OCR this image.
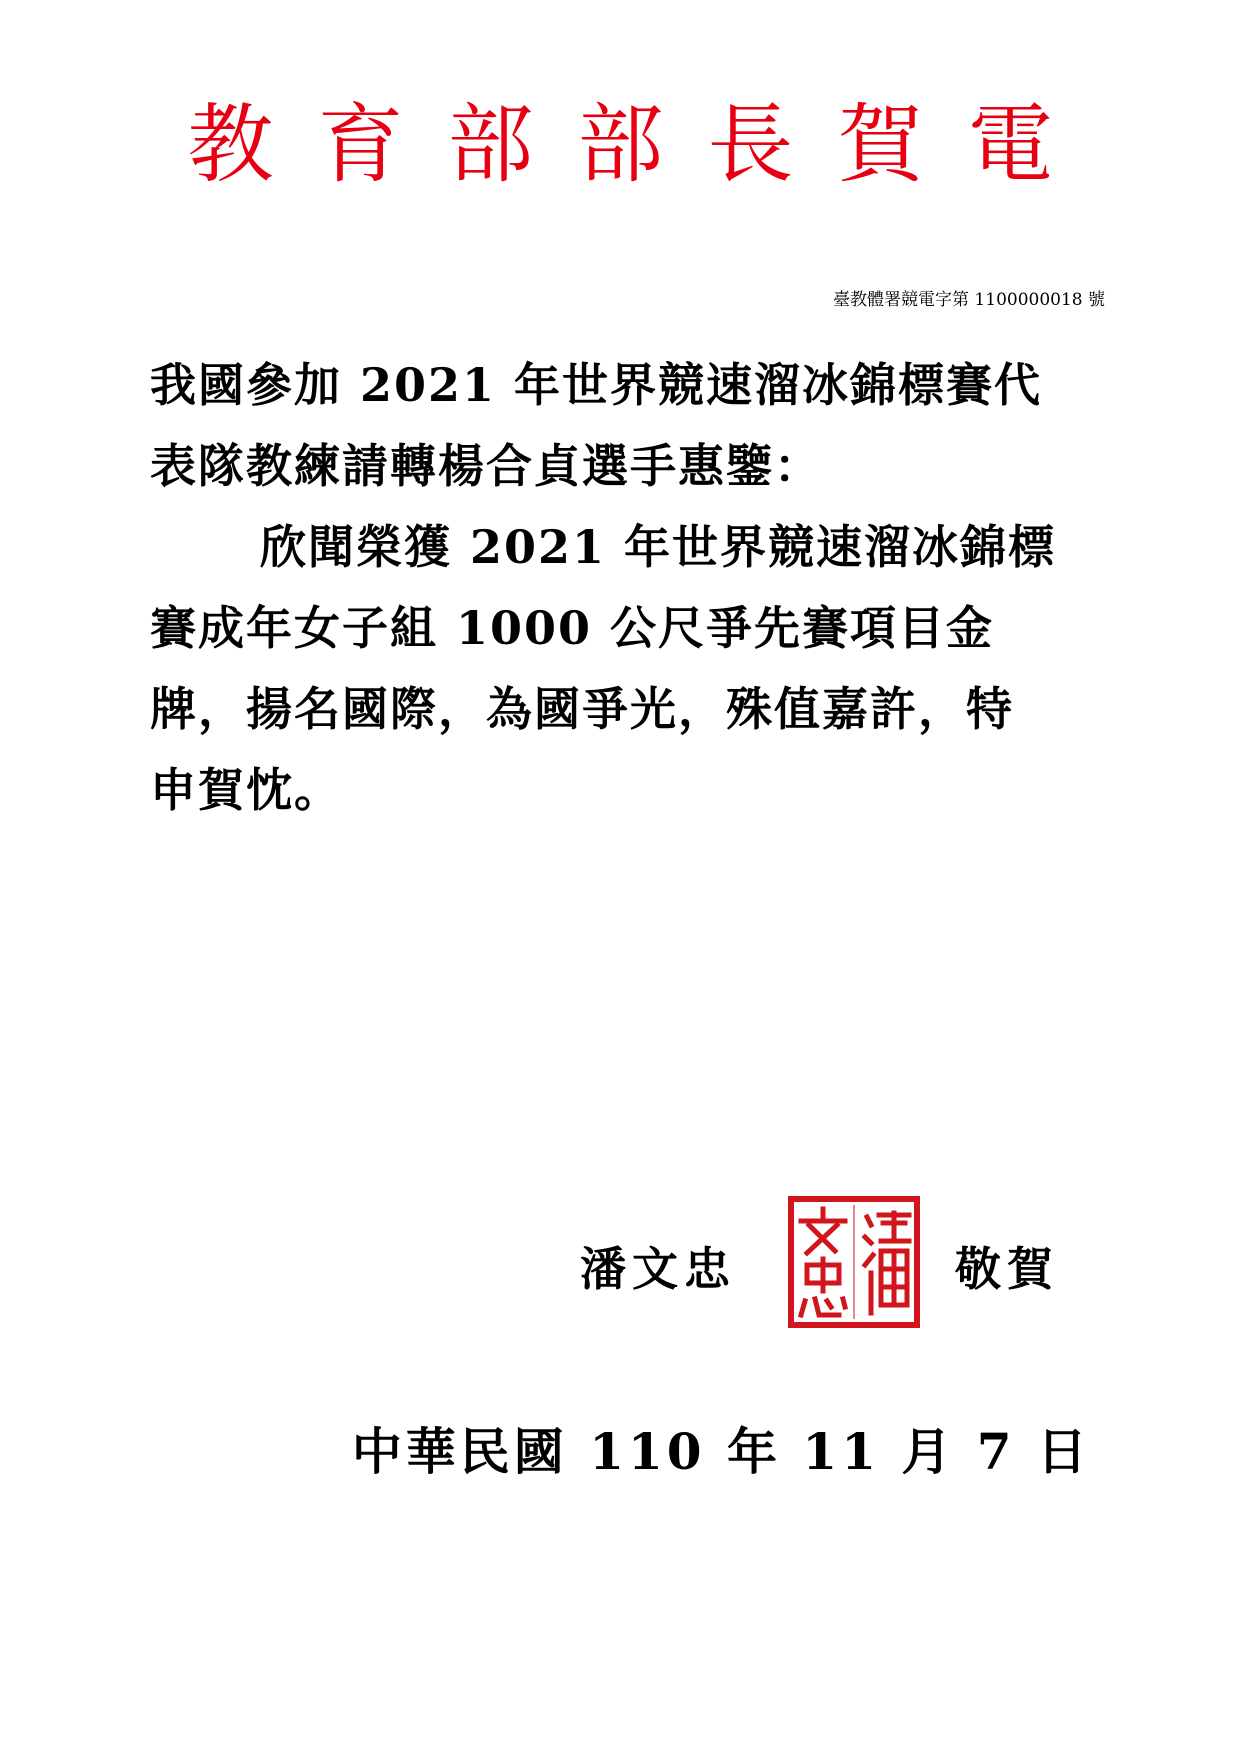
教育部部長賀電
臺教體署競電字第 1100000018 號
我國參加 2021 年世界競速溜冰錦標賽代
表隊教練請轉楊合貞選手惠鑒：
欣聞榮獲 2021 年世界競速溜冰錦標
賽成年女子組 1000 公尺爭先賽項目金
牌，揚名國際，為國爭光，殊值嘉許，特
申賀忱。
潘文忠	敬賀
中華民國 110 年 11 月 7 日
